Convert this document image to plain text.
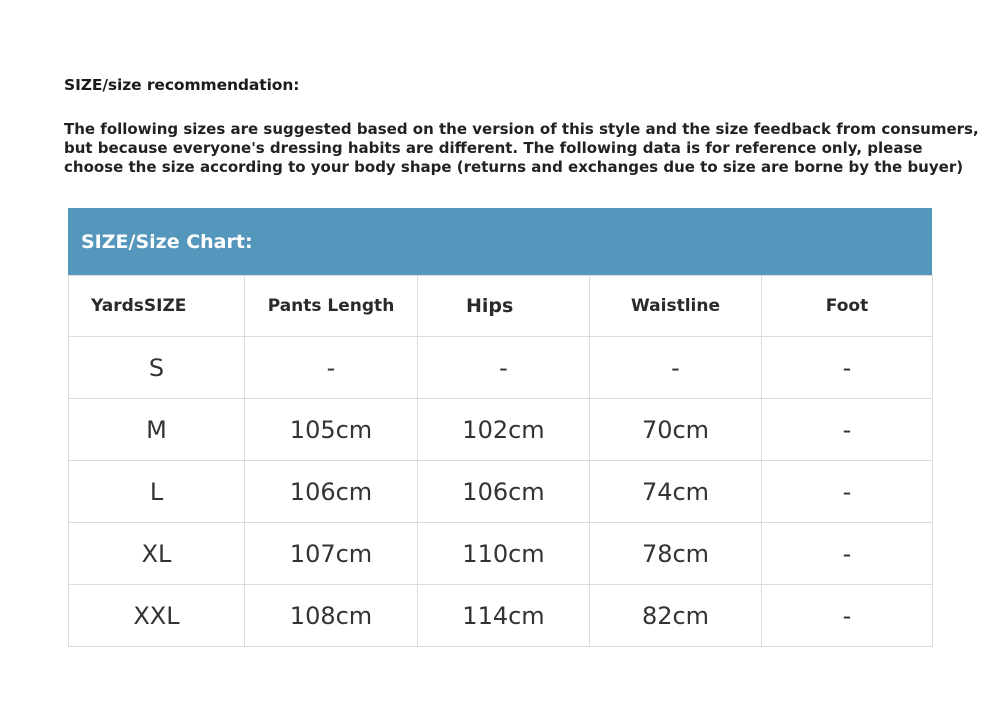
SIZE/size recommendation:
The following sizes are suggested based on the version of this style and the size feedback from consumers,
but because everyone's dressing habits are different. The following data is for reference only, please
choose the size according to your body shape (returns and exchanges due to size are borne by the buyer)
SIZE/Size Chart:
YardsSIZE	Pants Length	Hips	Waistline	Foot
S	-	-	-	-
M	105cm	102cm	70cm	-
L	106cm	106cm	74cm	-
XL	107cm	110cm	78cm	-
XXL	108cm	114cm	82cm	-
